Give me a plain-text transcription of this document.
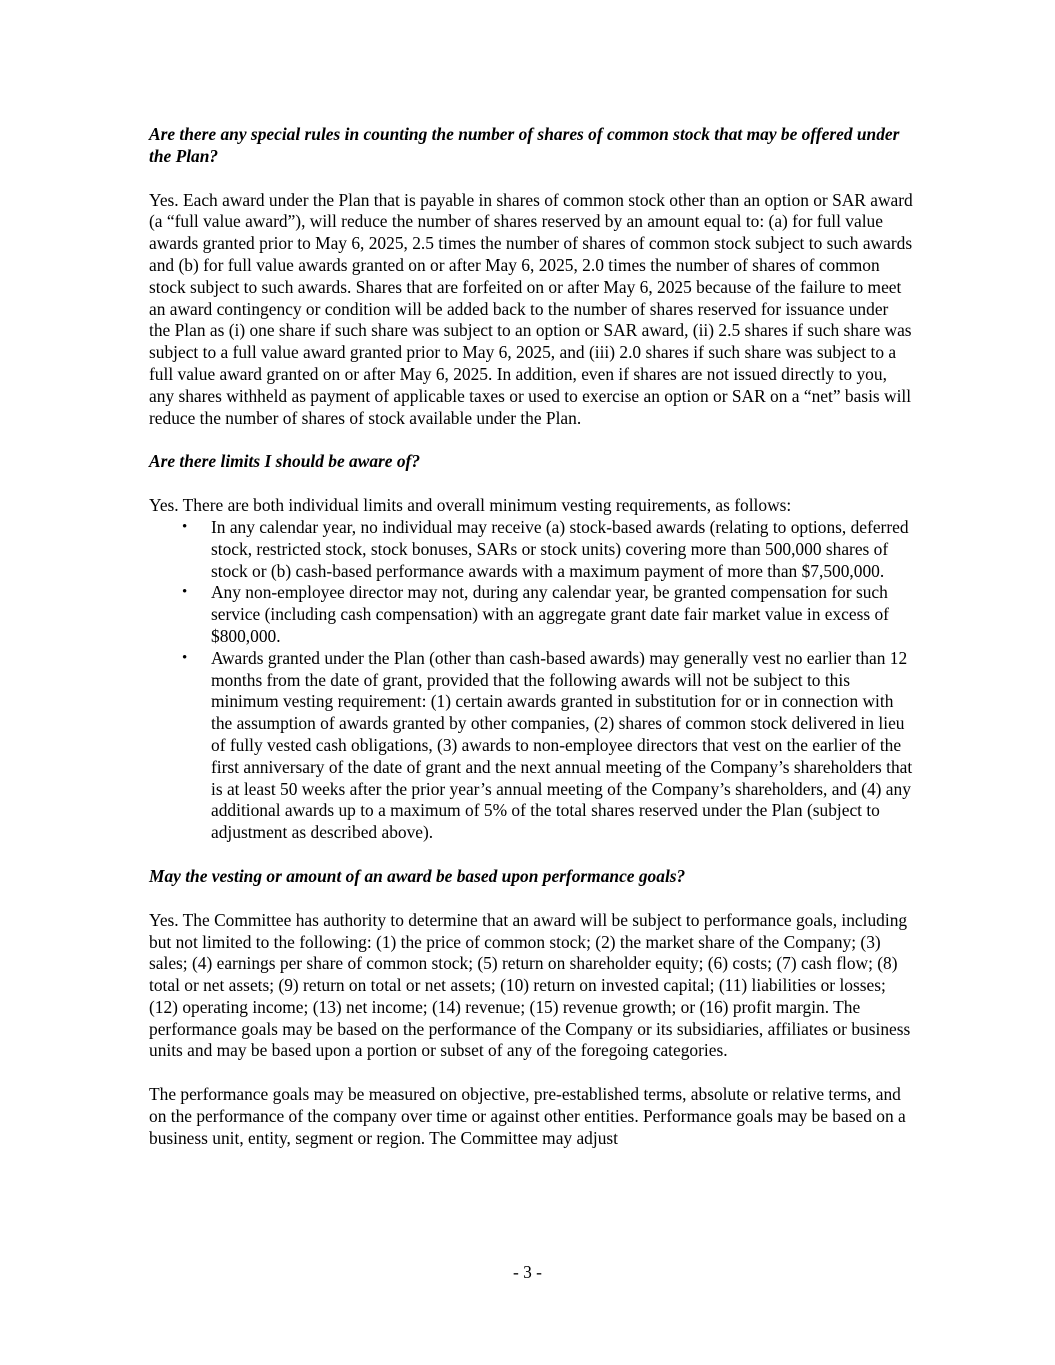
Are there any special rules in counting the number of shares of common stock that may be offered under the Plan?

Yes. Each award under the Plan that is payable in shares of common stock other than an option or SAR award (a “full value award”), will reduce the number of shares reserved by an amount equal to: (a) for full value awards granted prior to May 6, 2025, 2.5 times the number of shares of common stock subject to such awards and (b) for full value awards granted on or after May 6, 2025, 2.0 times the number of shares of common stock subject to such awards. Shares that are forfeited on or after May 6, 2025 because of the failure to meet an award contingency or condition will be added back to the number of shares reserved for issuance under the Plan as (i) one share if such share was subject to an option or SAR award, (ii) 2.5 shares if such share was subject to a full value award granted prior to May 6, 2025, and (iii) 2.0 shares if such share was subject to a full value award granted on or after May 6, 2025. In addition, even if shares are not issued directly to you, any shares withheld as payment of applicable taxes or used to exercise an option or SAR on a “net” basis will reduce the number of shares of stock available under the Plan.

Are there limits I should be aware of?

Yes. There are both individual limits and overall minimum vesting requirements, as follows:

• In any calendar year, no individual may receive (a) stock-based awards (relating to options, deferred stock, restricted stock, stock bonuses, SARs or stock units) covering more than 500,000 shares of stock or (b) cash-based performance awards with a maximum payment of more than $7,500,000.
• Any non-employee director may not, during any calendar year, be granted compensation for such service (including cash compensation) with an aggregate grant date fair market value in excess of $800,000.
• Awards granted under the Plan (other than cash-based awards) may generally vest no earlier than 12 months from the date of grant, provided that the following awards will not be subject to this minimum vesting requirement: (1) certain awards granted in substitution for or in connection with the assumption of awards granted by other companies, (2) shares of common stock delivered in lieu of fully vested cash obligations, (3) awards to non-employee directors that vest on the earlier of the first anniversary of the date of grant and the next annual meeting of the Company’s shareholders that is at least 50 weeks after the prior year’s annual meeting of the Company’s shareholders, and (4) any additional awards up to a maximum of 5% of the total shares reserved under the Plan (subject to adjustment as described above).

May the vesting or amount of an award be based upon performance goals?

Yes. The Committee has authority to determine that an award will be subject to performance goals, including but not limited to the following: (1) the price of common stock; (2) the market share of the Company; (3) sales; (4) earnings per share of common stock; (5) return on shareholder equity; (6) costs; (7) cash flow; (8) total or net assets; (9) return on total or net assets; (10) return on invested capital; (11) liabilities or losses; (12) operating income; (13) net income; (14) revenue; (15) revenue growth; or (16) profit margin. The performance goals may be based on the performance of the Company or its subsidiaries, affiliates or business units and may be based upon a portion or subset of any of the foregoing categories.

The performance goals may be measured on objective, pre-established terms, absolute or relative terms, and on the performance of the company over time or against other entities. Performance goals may be based on a business unit, entity, segment or region. The Committee may adjust

- 3 -
